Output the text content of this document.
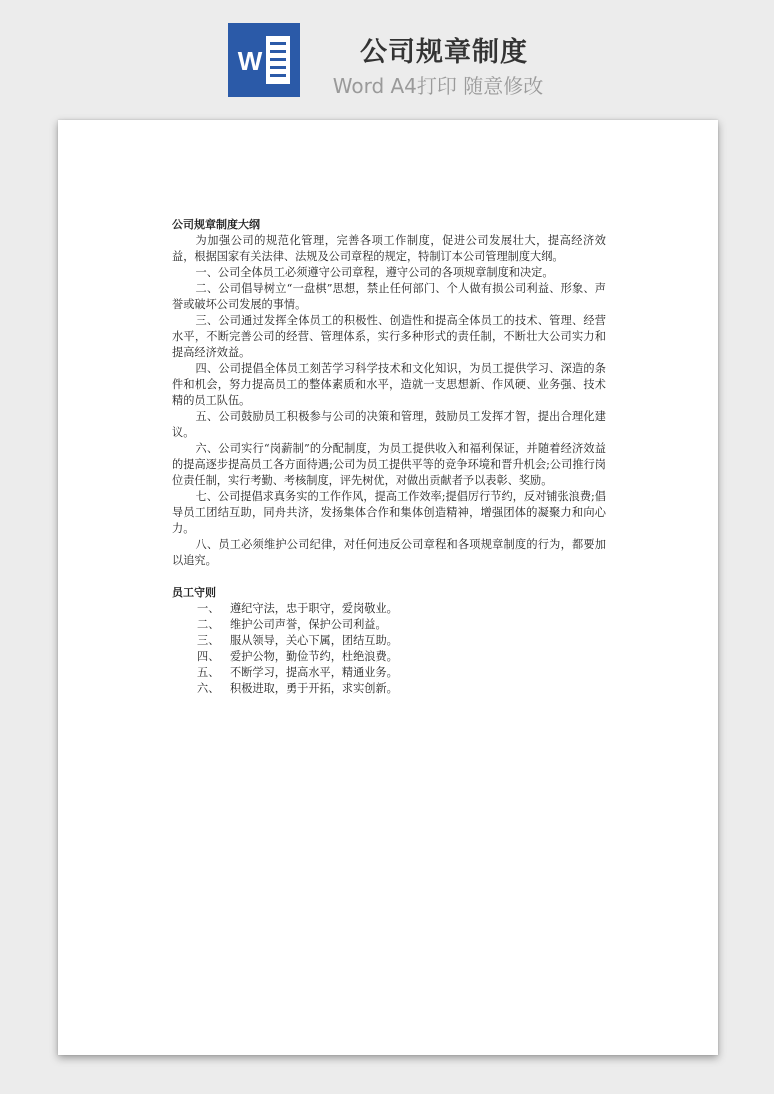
W	公司规章制度
Word A4打印 随意修改

公司规章制度大纲

为加强公司的规范化管理，完善各项工作制度，促进公司发展壮大，提高经济效益，根据国家有关法律、法规及公司章程的规定，特制订本公司管理制度大纲。

一、公司全体员工必须遵守公司章程，遵守公司的各项规章制度和决定。

二、公司倡导树立“一盘棋”思想，禁止任何部门、个人做有损公司利益、形象、声誉或破坏公司发展的事情。

三、公司通过发挥全体员工的积极性、创造性和提高全体员工的技术、管理、经营水平，不断完善公司的经营、管理体系，实行多种形式的责任制，不断壮大公司实力和提高经济效益。

四、公司提倡全体员工刻苦学习科学技术和文化知识，为员工提供学习、深造的条件和机会，努力提高员工的整体素质和水平，造就一支思想新、作风硬、业务强、技术精的员工队伍。

五、公司鼓励员工积极参与公司的决策和管理，鼓励员工发挥才智，提出合理化建议。

六、公司实行“岗薪制”的分配制度，为员工提供收入和福利保证，并随着经济效益的提高逐步提高员工各方面待遇;公司为员工提供平等的竞争环境和晋升机会;公司推行岗位责任制，实行考勤、考核制度，评先树优，对做出贡献者予以表彰、奖励。

七、公司提倡求真务实的工作作风，提高工作效率;提倡厉行节约，反对铺张浪费;倡导员工团结互助，同舟共济，发扬集体合作和集体创造精神，增强团体的凝聚力和向心力。

八、员工必须维护公司纪律，对任何违反公司章程和各项规章制度的行为，都要加以追究。

员工守则

一、 遵纪守法，忠于职守，爱岗敬业。

二、 维护公司声誉，保护公司利益。

三、 服从领导，关心下属，团结互助。

四、 爱护公物，勤俭节约，杜绝浪费。

五、 不断学习，提高水平，精通业务。

六、 积极进取，勇于开拓，求实创新。
